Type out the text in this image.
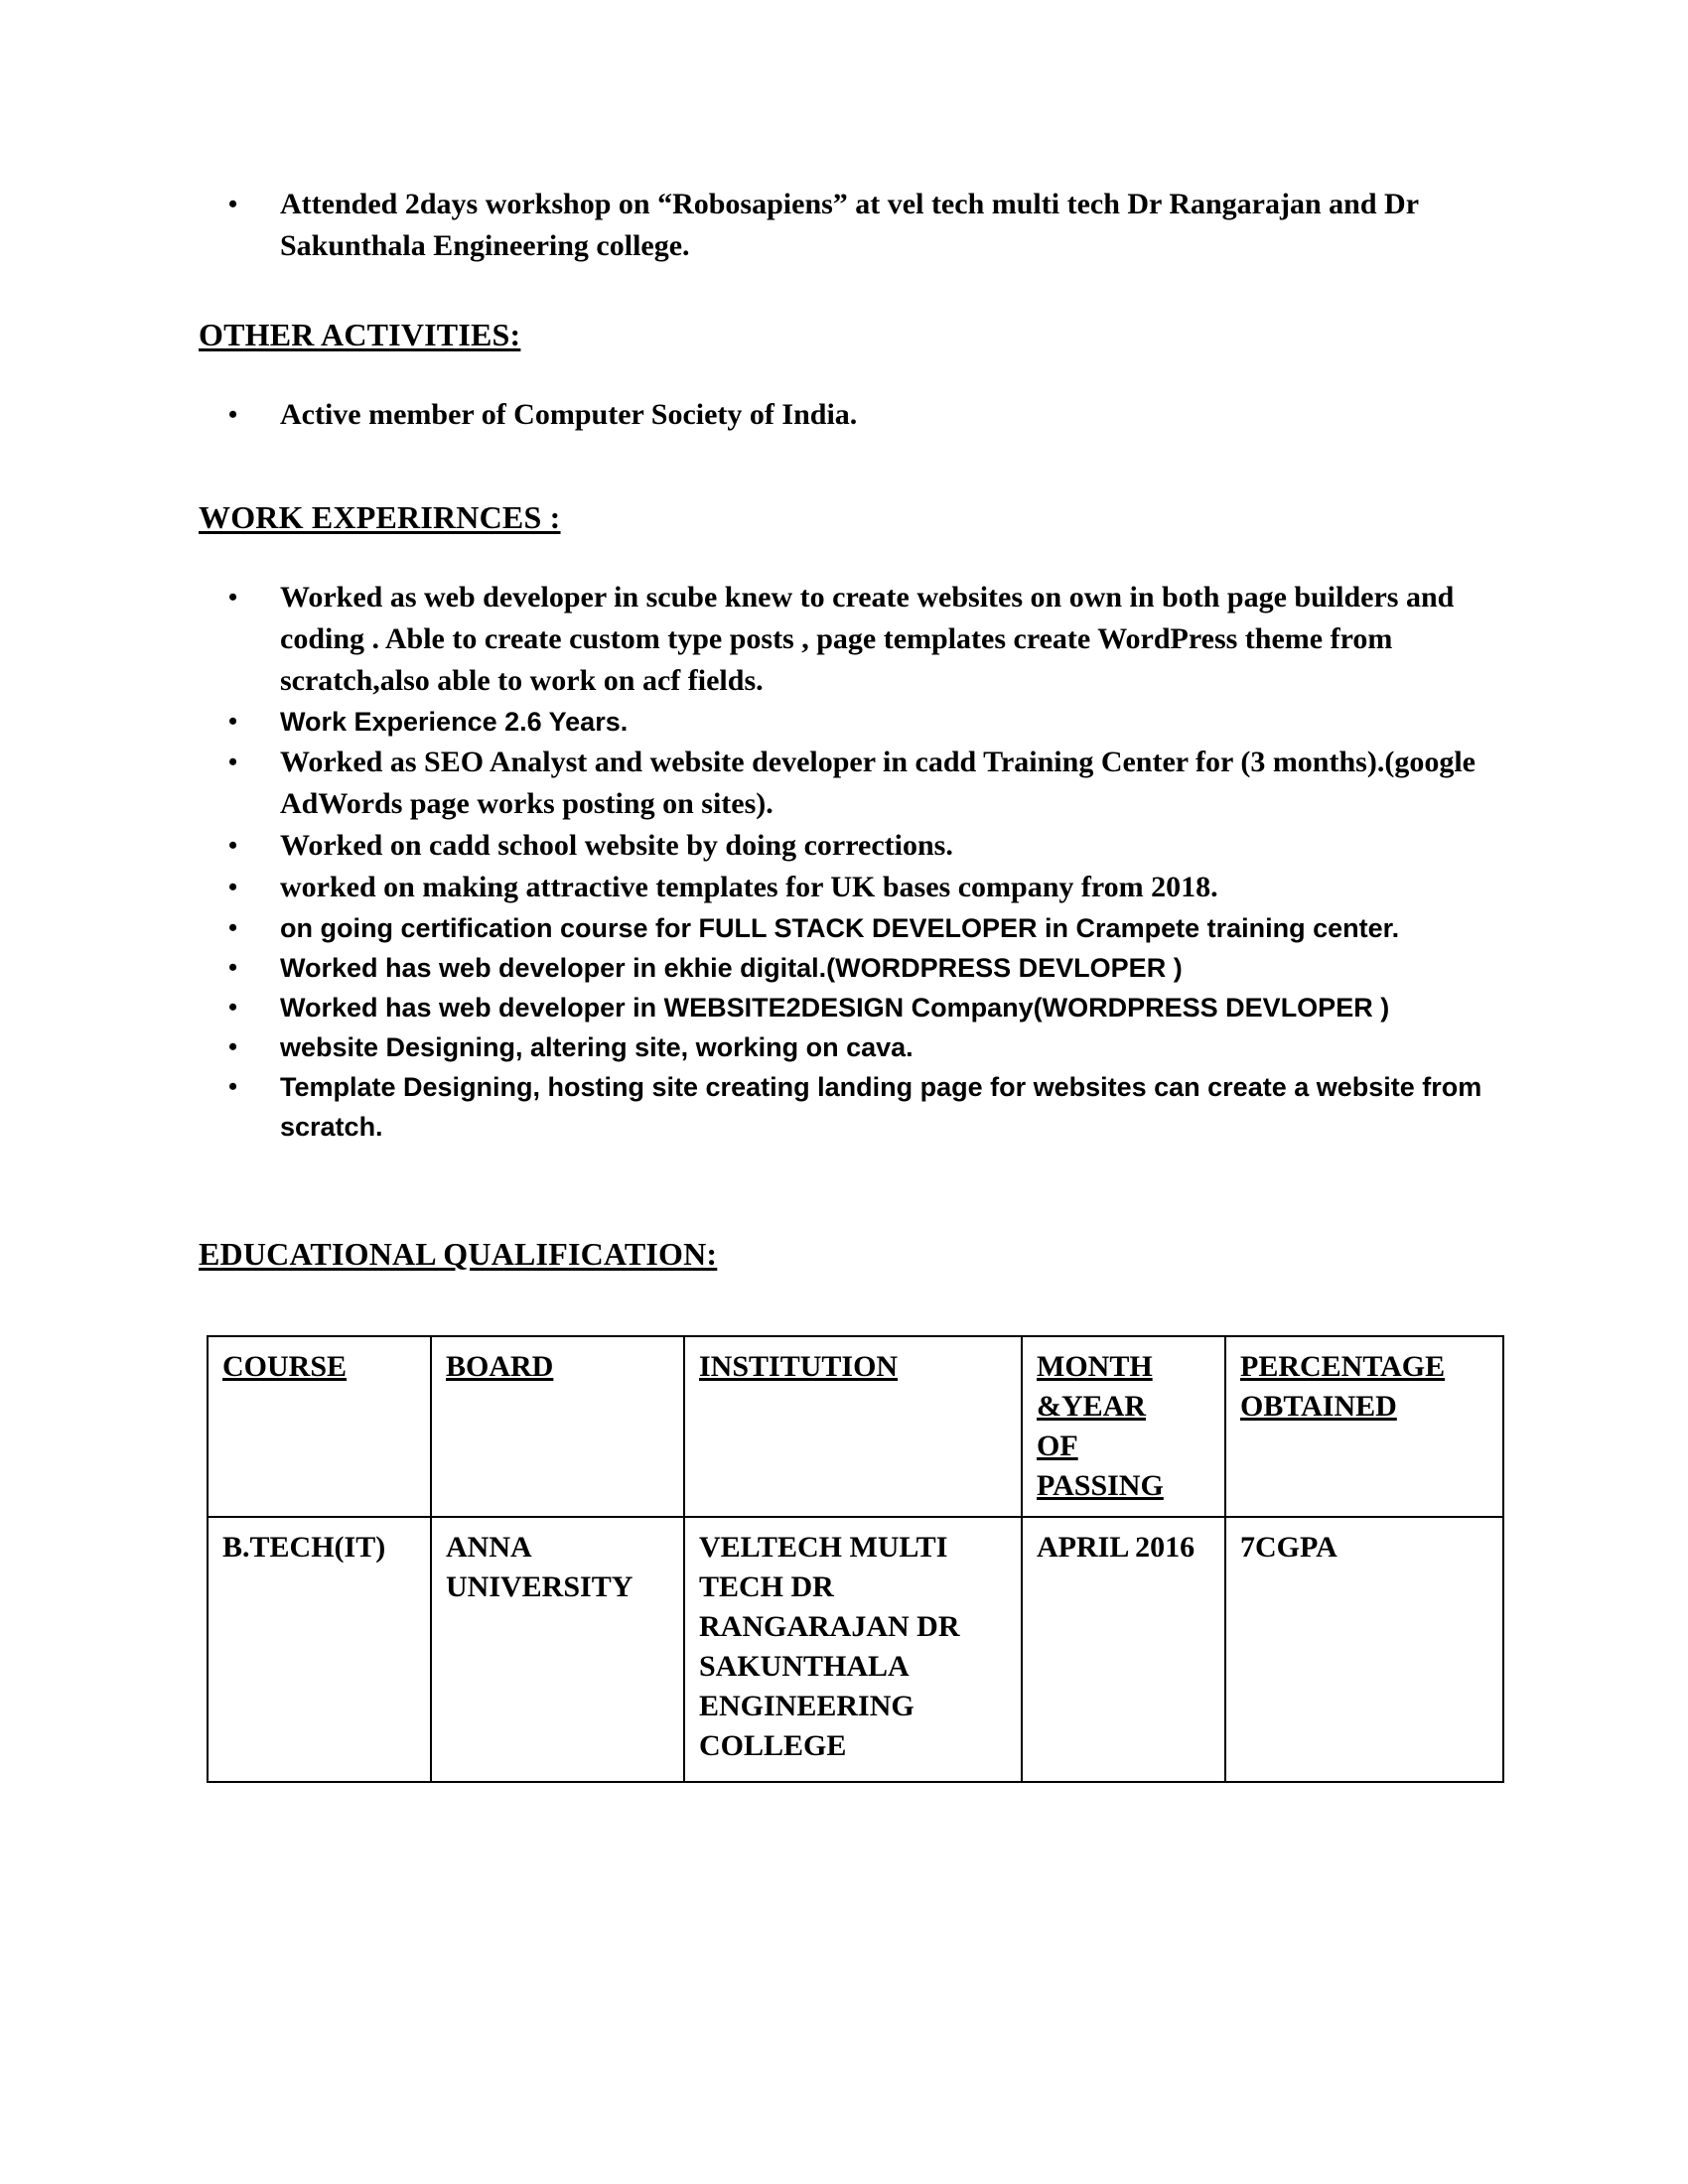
• Attended 2days workshop on “Robosapiens” at vel tech multi tech Dr Rangarajan and Dr Sakunthala Engineering college.
OTHER ACTIVITIES:
• Active member of Computer Society of India.
WORK EXPERIRNCES :
• Worked as web developer in scube knew to create websites on own in both page builders and coding . Able to create custom type posts , page templates create WordPress theme from scratch,also able to work on acf fields.
• Work Experience 2.6 Years.
• Worked as SEO Analyst and website developer in cadd Training Center for (3 months).(google AdWords page works posting on sites).
• Worked on cadd school website by doing corrections.
• worked on making attractive templates for UK bases company from 2018.
• on going certification course for FULL STACK DEVELOPER in Crampete training center.
• Worked has web developer in ekhie digital.(WORDPRESS DEVLOPER )
• Worked has web developer in WEBSITE2DESIGN Company(WORDPRESS DEVLOPER )
• website Designing, altering site, working on cava.
• Template Designing, hosting site creating landing page for websites can create a website from scratch.
EDUCATIONAL QUALIFICATION:
COURSE	BOARD	INSTITUTION	MONTH
&YEAR
OF
PASSING	PERCENTAGE
OBTAINED

B.TECH(IT)	ANNA UNIVERSITY	VELTECH MULTI TECH DR RANGARAJAN DR SAKUNTHALA ENGINEERING COLLEGE	APRIL 2016	7CGPA
